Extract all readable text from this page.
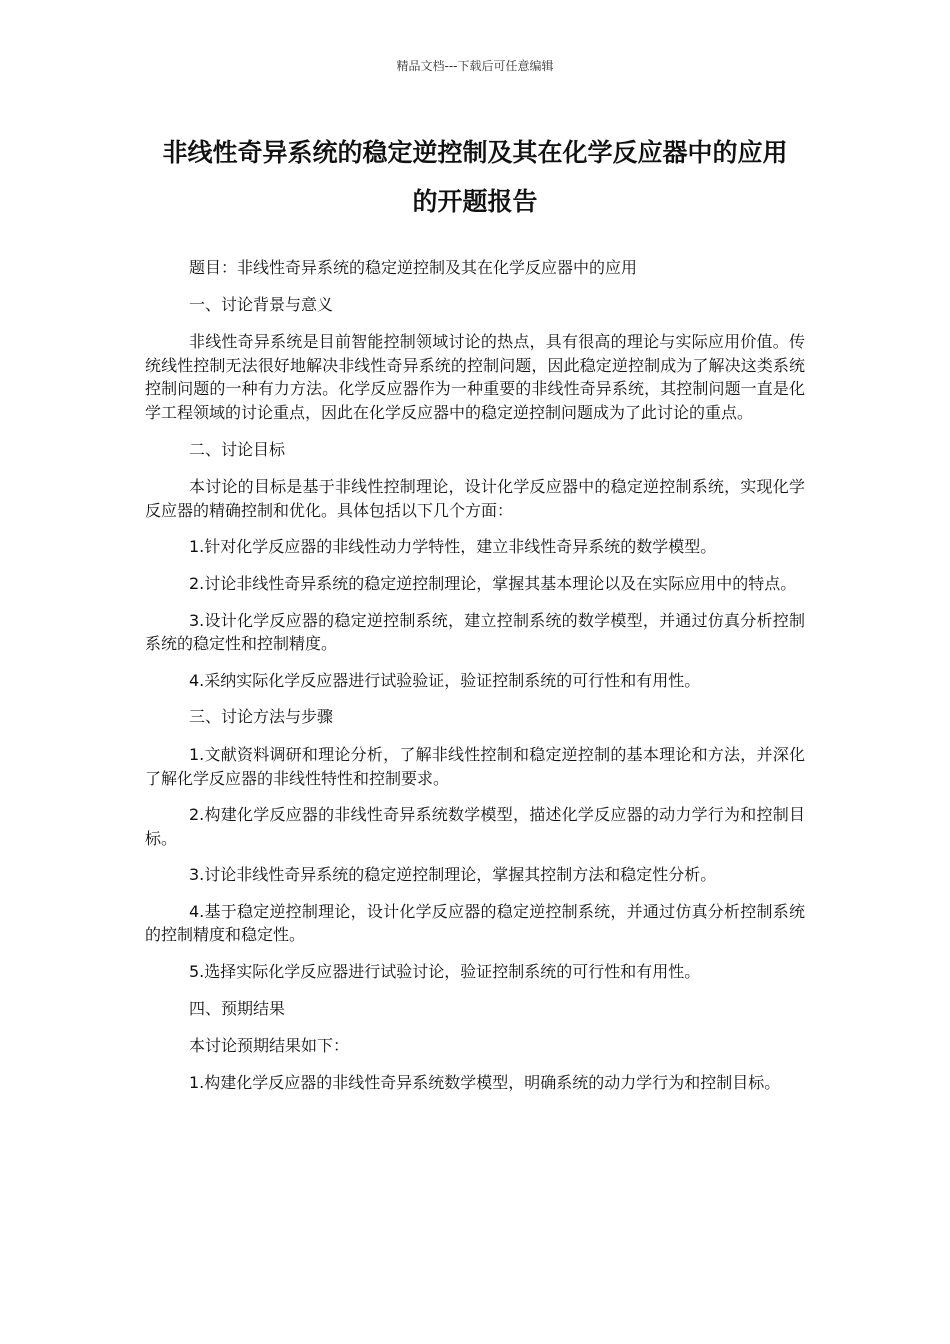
精品文档---下载后可任意编辑
非线性奇异系统的稳定逆控制及其在化学反应器中的应用
的开题报告

题目：非线性奇异系统的稳定逆控制及其在化学反应器中的应用

一、讨论背景与意义

非线性奇异系统是目前智能控制领域讨论的热点，具有很高的理论与实际应用价值。传统线性控制无法很好地解决非线性奇异系统的控制问题，因此稳定逆控制成为了解决这类系统控制问题的一种有力方法。化学反应器作为一种重要的非线性奇异系统，其控制问题一直是化学工程领域的讨论重点，因此在化学反应器中的稳定逆控制问题成为了此讨论的重点。

二、讨论目标

本讨论的目标是基于非线性控制理论，设计化学反应器中的稳定逆控制系统，实现化学反应器的精确控制和优化。具体包括以下几个方面：

1.针对化学反应器的非线性动力学特性，建立非线性奇异系统的数学模型。

2.讨论非线性奇异系统的稳定逆控制理论，掌握其基本理论以及在实际应用中的特点。

3.设计化学反应器的稳定逆控制系统，建立控制系统的数学模型，并通过仿真分析控制系统的稳定性和控制精度。

4.采纳实际化学反应器进行试验验证，验证控制系统的可行性和有用性。

三、讨论方法与步骤

1.文献资料调研和理论分析，了解非线性控制和稳定逆控制的基本理论和方法，并深化了解化学反应器的非线性特性和控制要求。

2.构建化学反应器的非线性奇异系统数学模型，描述化学反应器的动力学行为和控制目标。

3.讨论非线性奇异系统的稳定逆控制理论，掌握其控制方法和稳定性分析。

4.基于稳定逆控制理论，设计化学反应器的稳定逆控制系统，并通过仿真分析控制系统的控制精度和稳定性。

5.选择实际化学反应器进行试验讨论，验证控制系统的可行性和有用性。

四、预期结果

本讨论预期结果如下：

1.构建化学反应器的非线性奇异系统数学模型，明确系统的动力学行为和控制目标。
